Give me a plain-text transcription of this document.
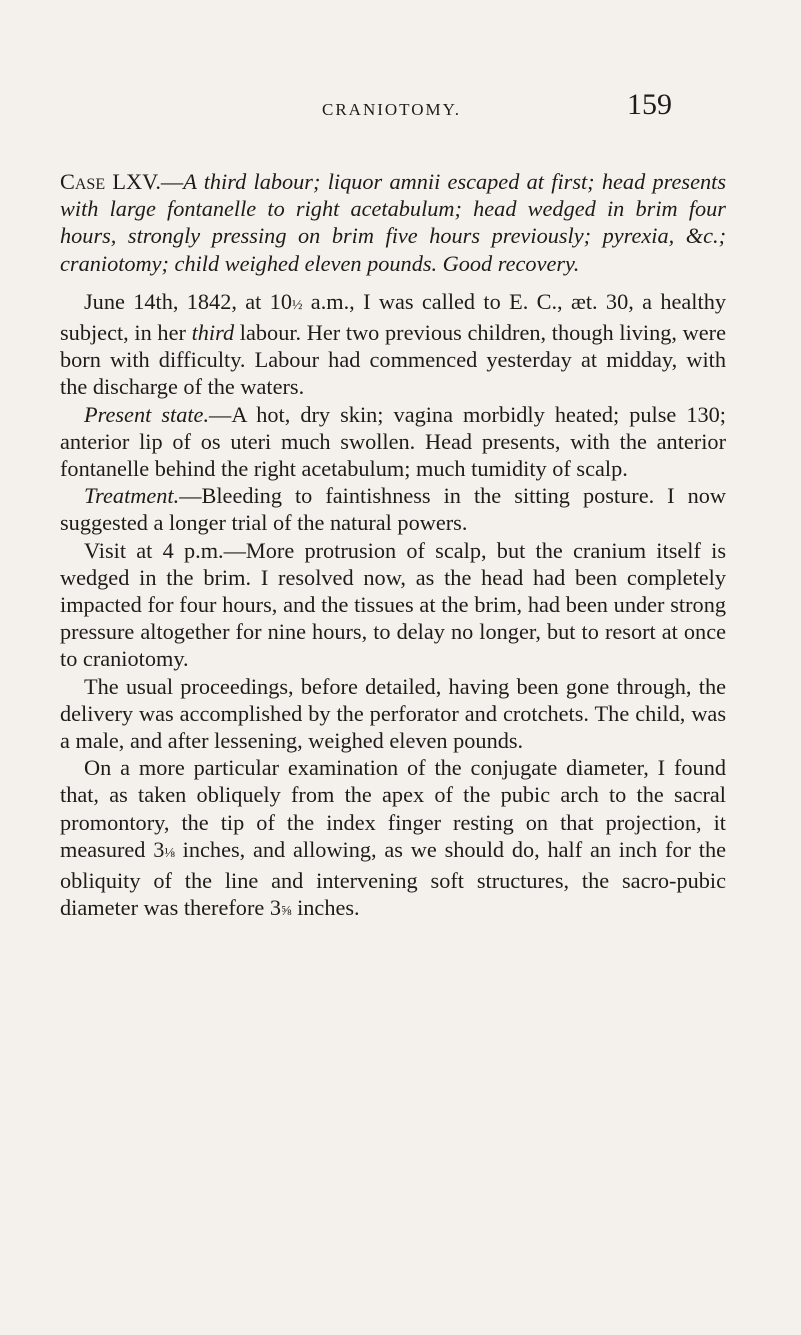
CRANIOTOMY.	159

Case LXV.—A third labour; liquor amnii escaped at first; head presents with large fontanelle to right acetabulum; head wedged in brim four hours, strongly pressing on brim five hours previously; pyrexia, &c.; craniotomy; child weighed eleven pounds. Good recovery.

June 14th, 1842, at 10½ a.m., I was called to E. C., æt. 30, a healthy subject, in her third labour. Her two previous children, though living, were born with difficulty. Labour had commenced yesterday at midday, with the discharge of the waters.

Present state.—A hot, dry skin; vagina morbidly heated; pulse 130; anterior lip of os uteri much swollen. Head presents, with the anterior fontanelle behind the right acetabulum; much tumidity of scalp.

Treatment.—Bleeding to faintishness in the sitting posture. I now suggested a longer trial of the natural powers.

Visit at 4 p.m.—More protrusion of scalp, but the cranium itself is wedged in the brim. I resolved now, as the head had been completely impacted for four hours, and the tissues at the brim, had been under strong pressure altogether for nine hours, to delay no longer, but to resort at once to craniotomy.

The usual proceedings, before detailed, having been gone through, the delivery was accomplished by the perforator and crotchets. The child, was a male, and after lessening, weighed eleven pounds.

On a more particular examination of the conjugate diameter, I found that, as taken obliquely from the apex of the pubic arch to the sacral promontory, the tip of the index finger resting on that projection, it measured 3⅛ inches, and allowing, as we should do, half an inch for the obliquity of the line and intervening soft structures, the sacro-pubic diameter was therefore 3⅝ inches.
